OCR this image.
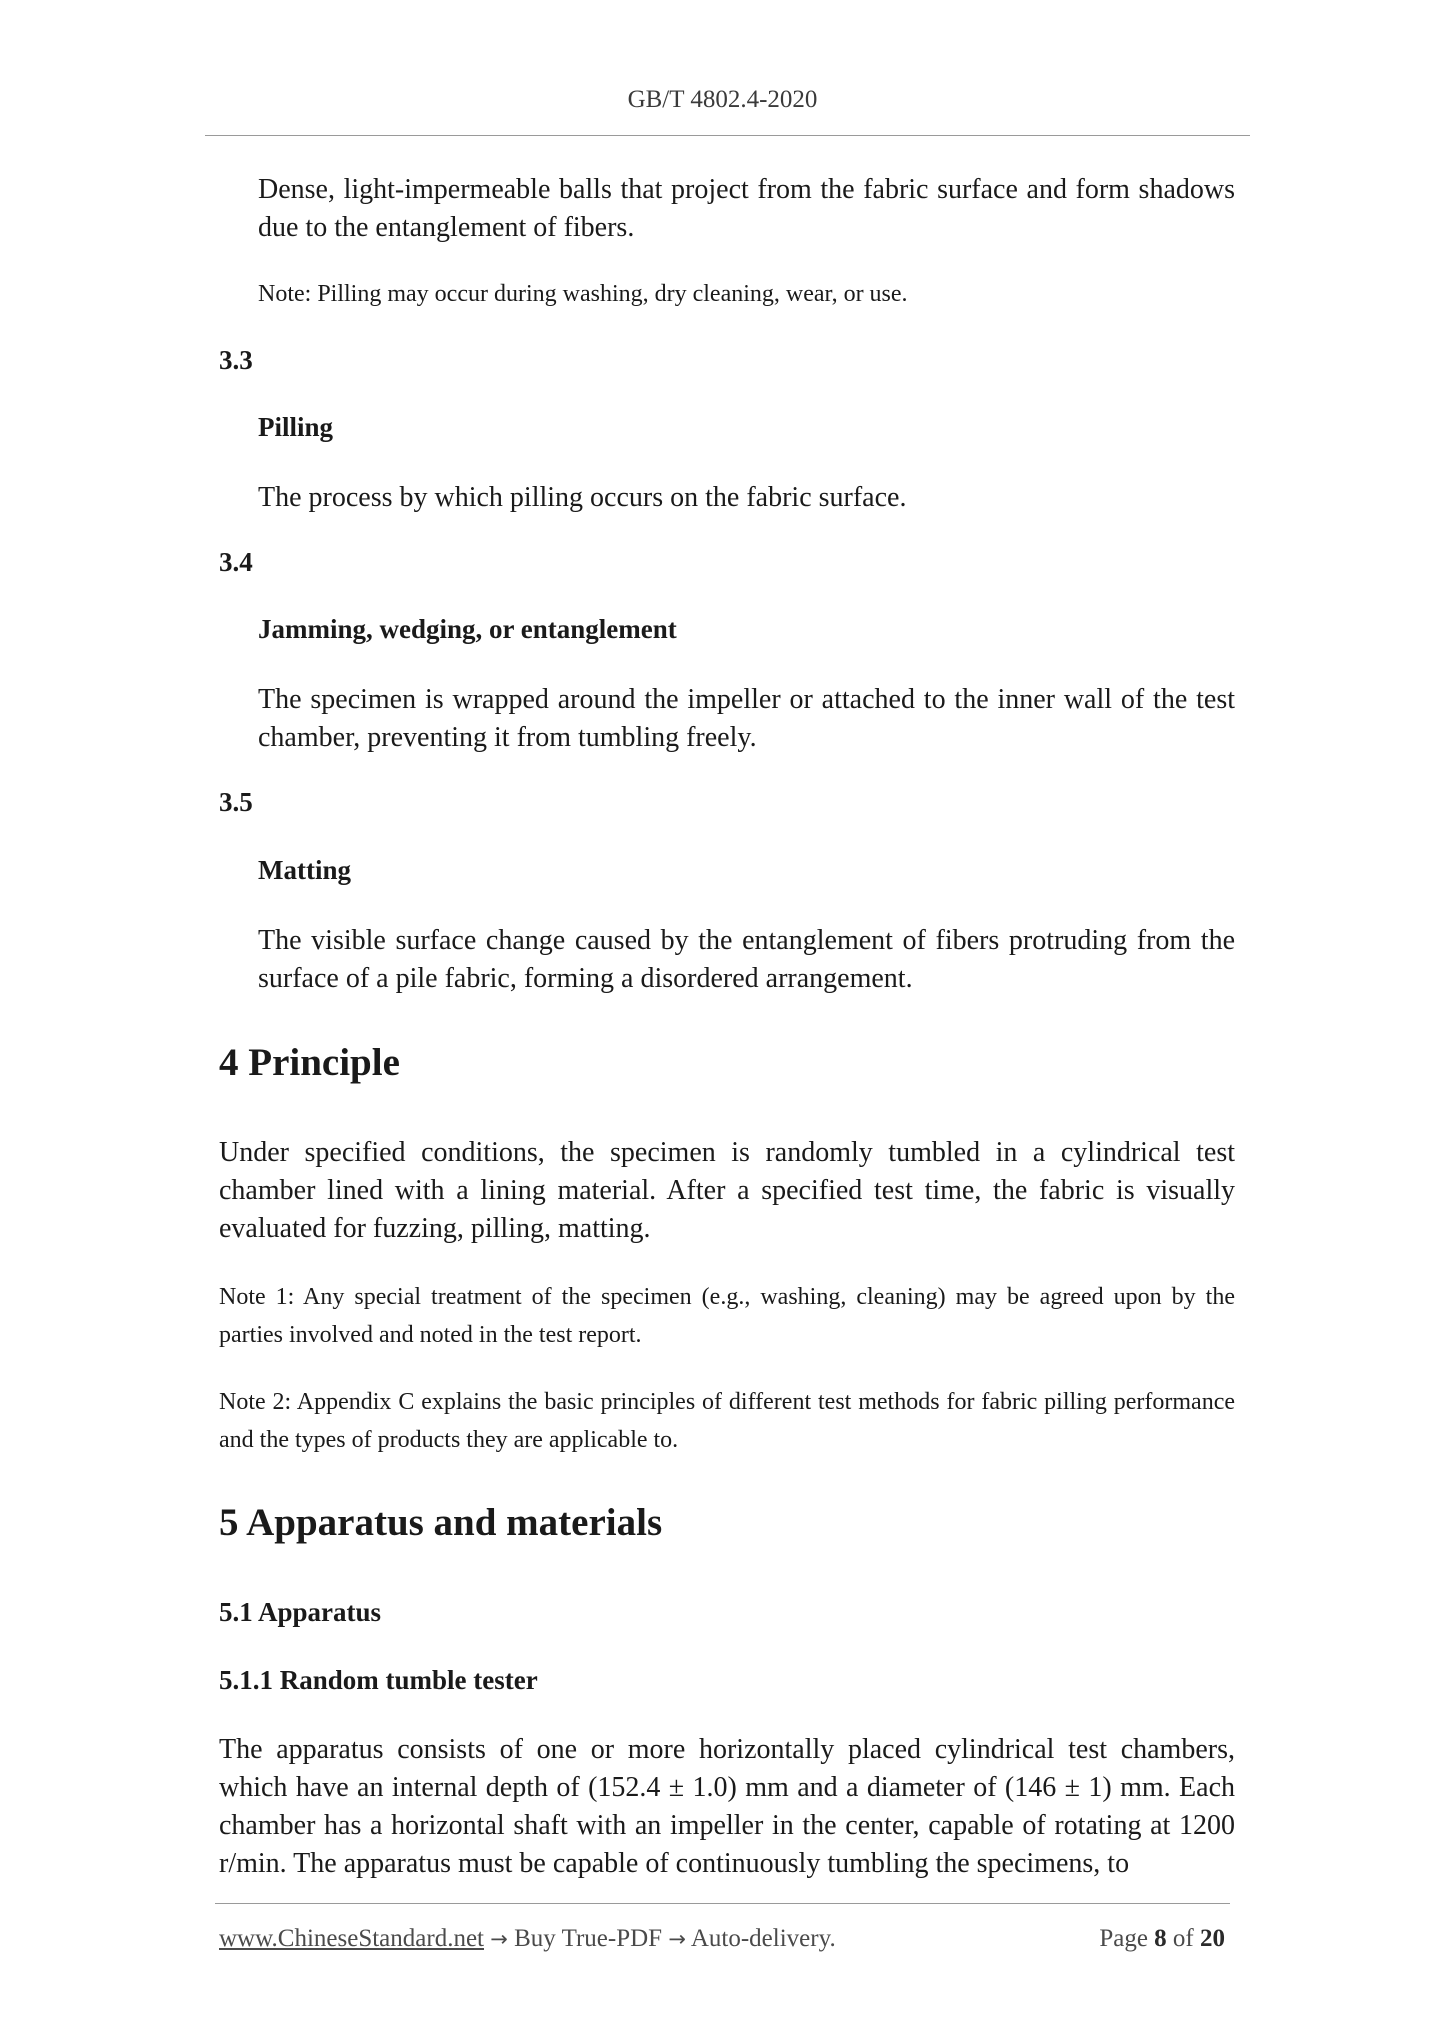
GB/T 4802.4-2020

Dense, light-impermeable balls that project from the fabric surface and form shadows due to the entanglement of fibers.

Note: Pilling may occur during washing, dry cleaning, wear, or use.

3.3
Pilling

The process by which pilling occurs on the fabric surface.

3.4
Jamming, wedging, or entanglement

The specimen is wrapped around the impeller or attached to the inner wall of the test chamber, preventing it from tumbling freely.

3.5
Matting

The visible surface change caused by the entanglement of fibers protruding from the surface of a pile fabric, forming a disordered arrangement.

4 Principle

Under specified conditions, the specimen is randomly tumbled in a cylindrical test chamber lined with a lining material. After a specified test time, the fabric is visually evaluated for fuzzing, pilling, matting.

Note 1: Any special treatment of the specimen (e.g., washing, cleaning) may be agreed upon by the parties involved and noted in the test report.

Note 2: Appendix C explains the basic principles of different test methods for fabric pilling performance and the types of products they are applicable to.

5 Apparatus and materials
5.1 Apparatus
5.1.1 Random tumble tester

The apparatus consists of one or more horizontally placed cylindrical test chambers, which have an internal depth of (152.4 ± 1.0) mm and a diameter of (146 ± 1) mm. Each chamber has a horizontal shaft with an impeller in the center, capable of rotating at 1200 r/min. The apparatus must be capable of continuously tumbling the specimens, to

www.ChineseStandard.net → Buy True-PDF → Auto-delivery.	Page 8 of 20
